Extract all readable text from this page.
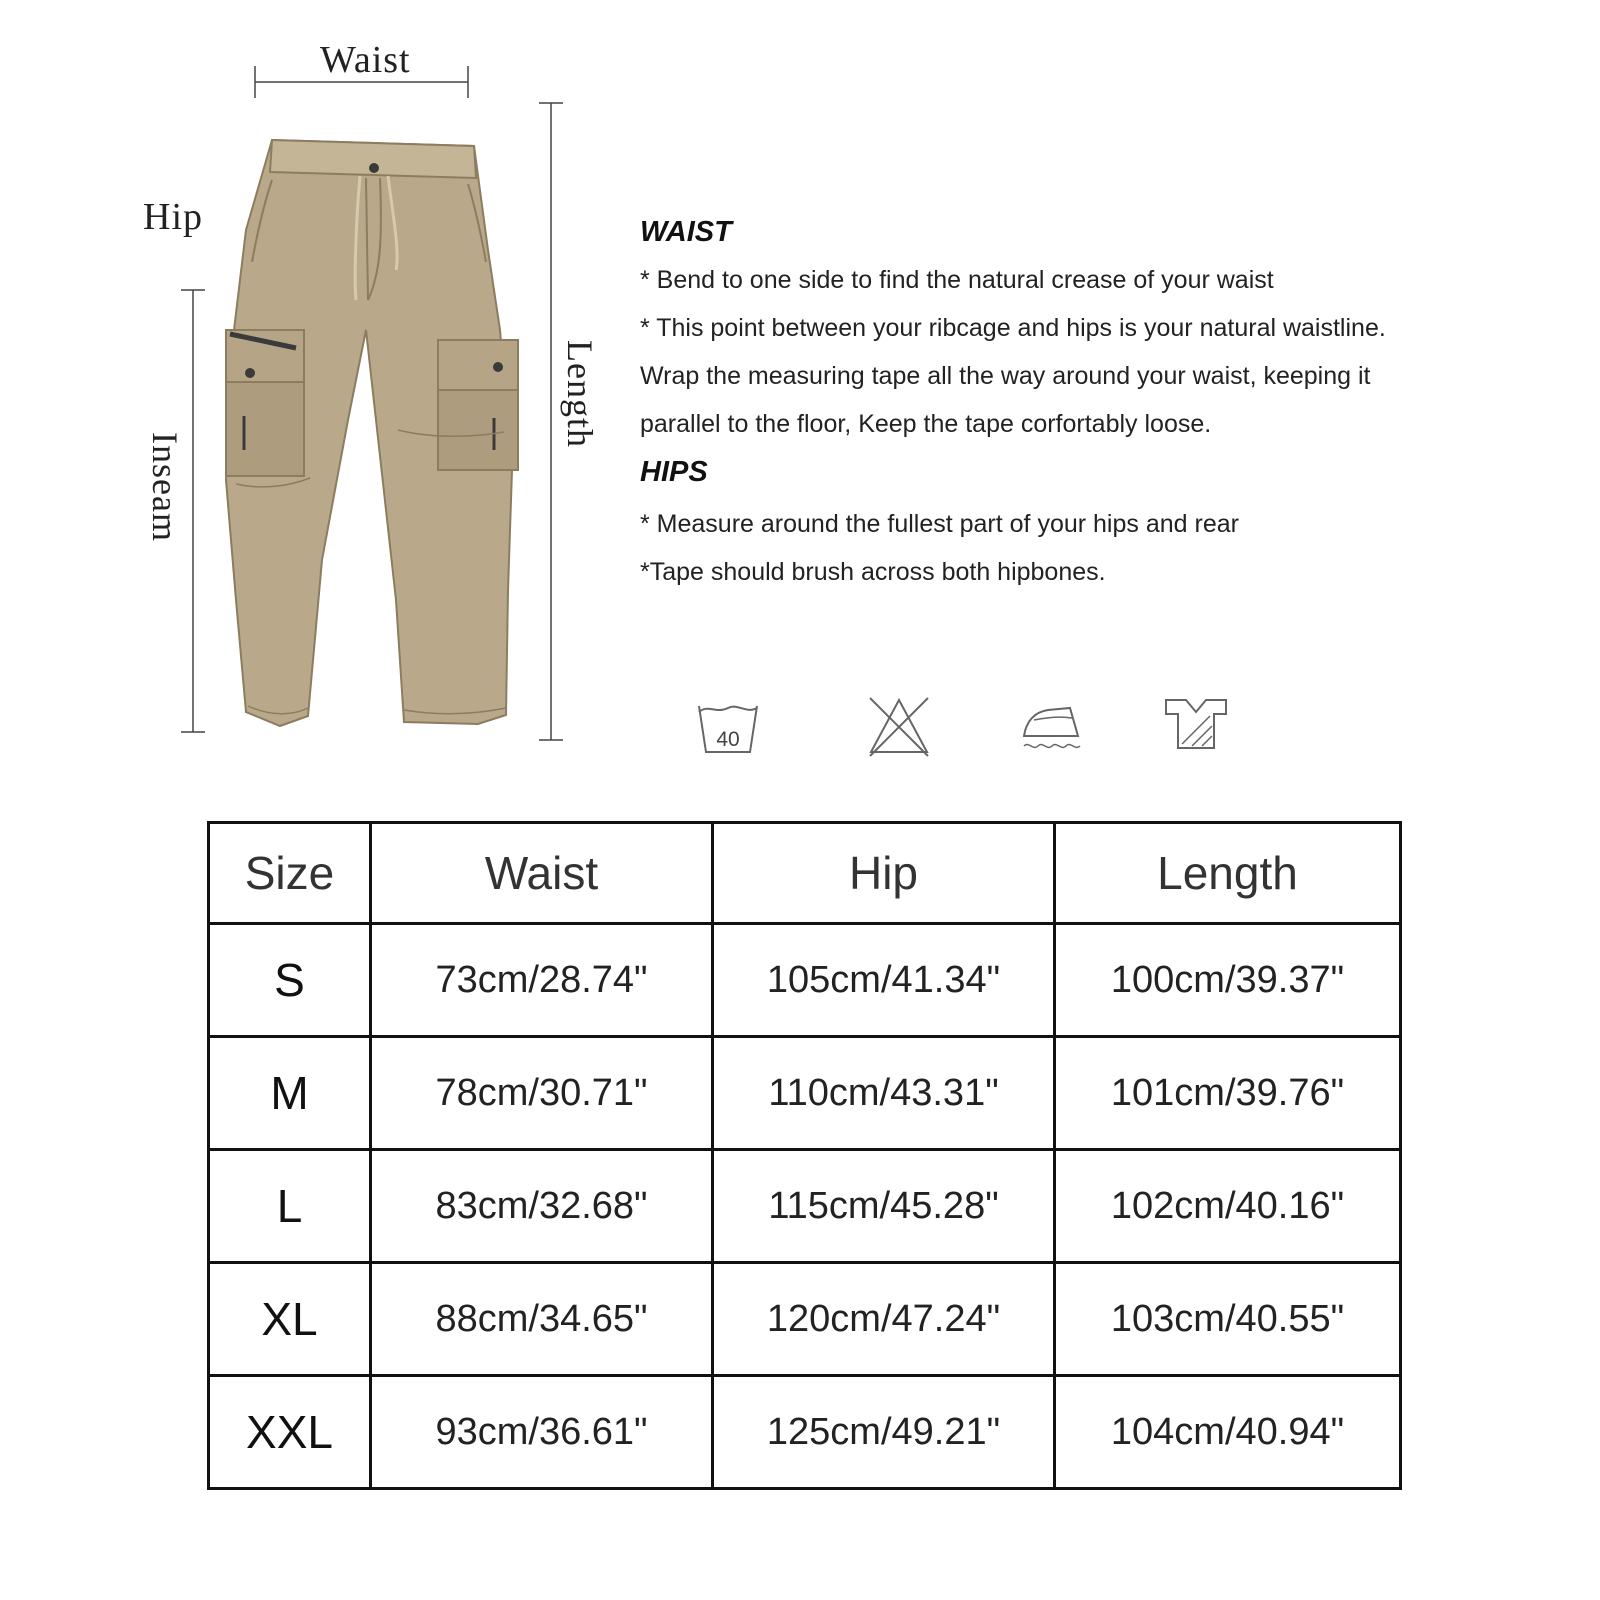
Waist
Hip
Inseam
Length
WAIST
* Bend to one side to find the natural crease of your waist
* This point between your ribcage and hips is your natural waistline.
Wrap the measuring tape all the way around your waist, keeping it
parallel to the floor, Keep the tape corfortably loose.
HIPS
* Measure around the fullest part of your hips and rear
*Tape should brush across both hipbones.
40
Size	Waist	Hip	Length
S	73cm/28.74"	105cm/41.34"	100cm/39.37"
M	78cm/30.71"	110cm/43.31"	101cm/39.76"
L	83cm/32.68"	115cm/45.28"	102cm/40.16"
XL	88cm/34.65"	120cm/47.24"	103cm/40.55"
XXL	93cm/36.61"	125cm/49.21"	104cm/40.94"
